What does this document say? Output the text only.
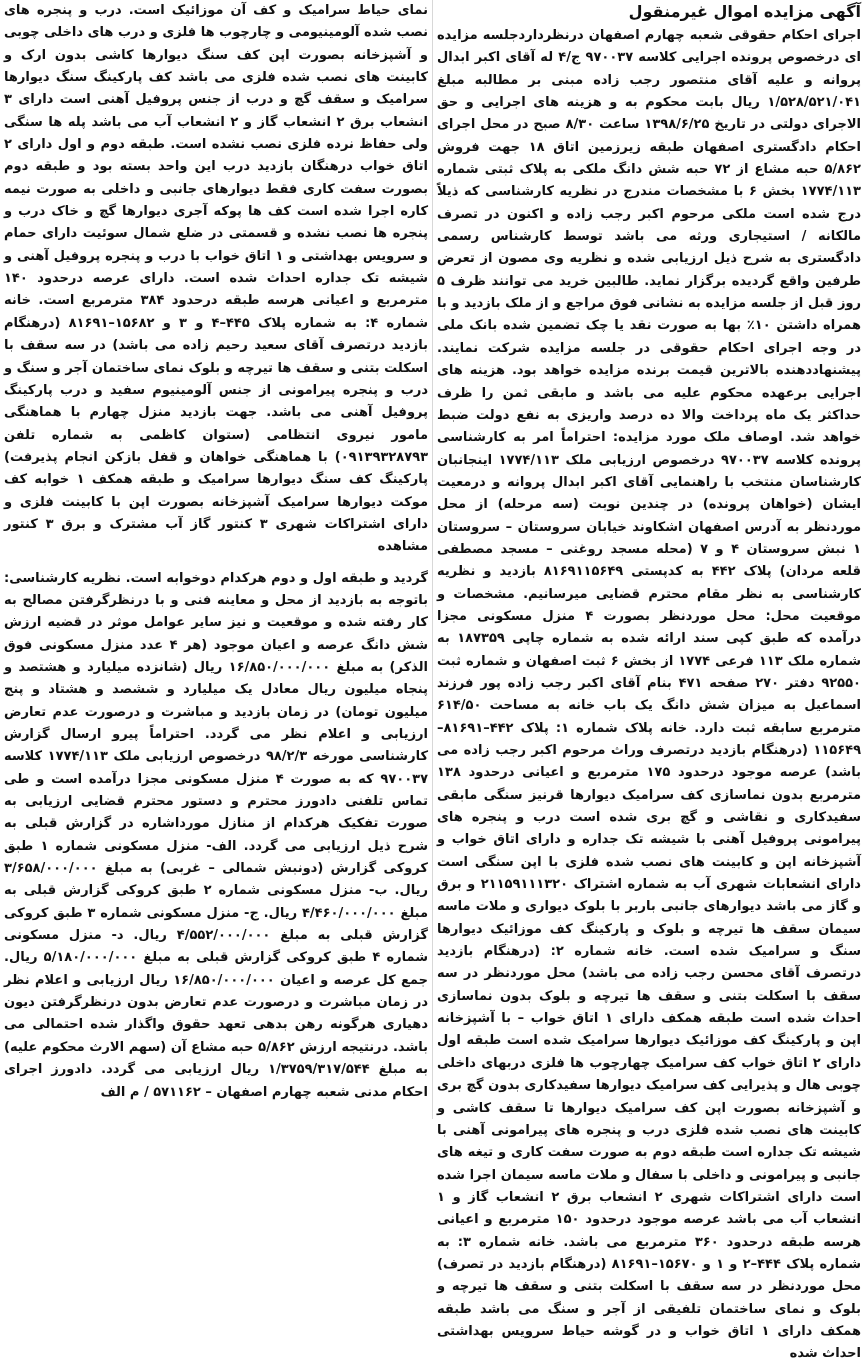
آگهی مزایده اموال غیرمنقول

اجرای احکام حقوقی شعبه چهارم اصفهان درنظرداردجلسه مزایده ای درخصوص پرونده اجرایی کلاسه ۹۷۰۰۳۷ ج/۴ له آقای اکبر ابدال پروانه و علیه آقای منتصور رجب زاده مبنی بر مطالبه مبلغ ۱/۵۲۸/۵۲۱/۰۴۱ ریال بابت محکوم به و هزینه های اجرایی و حق الاجرای دولتی در تاریخ ۱۳۹۸/۶/۲۵ ساعت ۸/۳۰ صبح در محل اجرای احکام دادگستری اصفهان طبقه زیرزمین اتاق ۱۸ جهت فروش ۵/۸۶۲ حبه مشاع از ۷۲ حبه شش دانگ ملکی به پلاک ثبتی شماره ۱۷۷۴/۱۱۳ بخش ۶ با مشخصات مندرج در نظریه کارشناسی که ذیلاً درج شده است ملکی مرحوم اکبر رجب زاده و اکنون در تصرف مالکانه / استیجاری ورثه می باشد توسط کارشناس رسمی دادگستری به شرح ذیل ارزیابی شده و نظریه وی مصون از تعرض طرفین واقع گردیده برگزار نماید. طالبین خرید می توانند ظرف ۵ روز قبل از جلسه مزایده به نشانی فوق مراجع و از ملک بازدید و با همراه داشتن ۱۰٪ بها به صورت نقد یا چک تضمین شده بانک ملی در وجه اجرای احکام حقوقی در جلسه مزایده شرکت نمایند. پیشنهاددهنده بالاترین قیمت برنده مزایده خواهد بود. هزینه های اجرایی برعهده محکوم علیه می باشد و مابقی ثمن را ظرف حداکثر یک ماه پرداخت والا ده درصد واریزی به نفع دولت ضبط خواهد شد. اوصاف ملک مورد مزایده: احتراماً امر به کارشناسی پرونده کلاسه ۹۷۰۰۳۷ درخصوص ارزیابی ملک ۱۷۷۴/۱۱۳ اینجانبان کارشناسان منتخب با راهنمایی آقای اکبر ابدال پروانه و درمعیت ایشان (خواهان پرونده) در چندین نوبت (سه مرحله) از محل موردنظر به آدرس اصفهان اشکاوند خیابان سروستان – سروستان ۱ نبش سروستان ۴ و ۷ (محله مسجد روغنی – مسجد مصطفی قلعه مردان) پلاک ۴۴۲ به کدپستی ۸۱۶۹۱۱۵۶۴۹ بازدید و نظریه کارشناسی به نظر مقام محترم قضایی میرسانیم. مشخصات و موقعیت محل: محل موردنظر بصورت ۴ منزل مسکونی مجزا درآمده که طبق کپی سند ارائه شده به شماره چاپی ۱۸۷۳۵۹ به شماره ملک ۱۱۳ فرعی ۱۷۷۴ از بخش ۶ ثبت اصفهان و شماره ثبت ۹۲۵۵۰ دفتر ۲۷۰ صفحه ۴۷۱ بنام آقای اکبر رجب زاده پور فرزند اسماعیل به میزان شش دانگ یک باب خانه به مساحت ۶۱۴/۵۰ مترمربع سابقه ثبت دارد. خانه پلاک شماره ۱: پلاک ۴۴۲–۸۱۶۹۱–۱۱۵۶۴۹ (درهنگام بازدید درتصرف وراث مرحوم اکبر رجب زاده می باشد) عرصه موجود درحدود ۱۷۵ مترمربع و اعیانی درحدود ۱۳۸ مترمربع بدون نماسازی کف سرامیک دیوارها قرنیز سنگی مابقی سفیدکاری و نقاشی و گچ بری شده است درب و پنجره های پیرامونی پروفیل آهنی با شیشه تک جداره و دارای اتاق خواب و آشپزخانه اپن و کابینت های نصب شده فلزی با اپن سنگی است دارای انشعابات شهری آب به شماره اشتراک ۲۱۱۵۹۱۱۱۳۲۰ و برق و گاز می باشد دیوارهای جانبی باربر با بلوک دیواری و ملات ماسه سیمان سقف ها تیرچه و بلوک و پارکینگ کف موزائیک دیوارها سنگ و سرامیک شده است. خانه شماره ۲: (درهنگام بازدید درتصرف آقای محسن رجب زاده می باشد) محل موردنظر در سه سقف با اسکلت بتنی و سقف ها تیرچه و بلوک بدون نماسازی احداث شده است طبقه همکف دارای ۱ اتاق خواب – با آشپزخانه اپن و پارکینگ کف موزائیک دیوارها سرامیک شده است طبقه اول دارای ۲ اتاق خواب کف سرامیک چهارچوب ها فلزی دربهای داخلی چوبی هال و پذیرایی کف سرامیک دیوارها سفیدکاری بدون گچ بری و آشپزخانه بصورت اپن کف سرامیک دیوارها تا سقف کاشی و کابینت های نصب شده فلزی درب و پنجره های پیرامونی آهنی با شیشه تک جداره است طبقه دوم به صورت سفت کاری و تیغه های جانبی و پیرامونی و داخلی با سفال و ملات ماسه سیمان اجرا شده است دارای اشتراکات شهری ۲ انشعاب برق ۲ انشعاب گاز و ۱ انشعاب آب می باشد عرصه موجود درحدود ۱۵۰ مترمربع و اعیانی هرسه طبقه درحدود ۳۶۰ مترمربع می باشد. خانه شماره ۳: به شماره پلاک ۴۴۴–۲ و ۱ و ۱۵۶۷۰–۸۱۶۹۱ (درهنگام بازدید در تصرف) محل موردنظر در سه سقف با اسکلت بتنی و سقف ها تیرچه و بلوک و نمای ساختمان تلفیقی از آجر و سنگ می باشد طبقه همکف دارای ۱ اتاق خواب و در گوشه حیاط سرویس بهداشتی احداث شده

نمای حیاط سرامیک و کف آن موزائیک است. درب و پنجره های نصب شده آلومینیومی و چارچوب ها فلزی و درب های داخلی چوبی و آشپزخانه بصورت اپن کف سنگ دیوارها کاشی بدون ارک و کابینت های نصب شده فلزی می باشد کف پارکینگ سنگ دیوارها سرامیک و سقف گچ و درب از جنس پروفیل آهنی است دارای ۳ انشعاب برق ۲ انشعاب گاز و ۲ انشعاب آب می باشد پله ها سنگی ولی حفاظ نرده فلزی نصب نشده است. طبقه دوم و اول دارای ۲ اتاق خواب درهنگان بازدید درب این واحد بسته بود و طبقه دوم بصورت سفت کاری فقط دیوارهای جانبی و داخلی به صورت نیمه کاره اجرا شده است کف ها پوکه آجری دیوارها گچ و خاک درب و پنجره ها نصب نشده و قسمتی در ضلع شمال سوئیت دارای حمام و سرویس بهداشتی و ۱ اتاق خواب با درب و پنجره پروفیل آهنی و شیشه تک جداره احداث شده است. دارای عرصه درحدود ۱۴۰ مترمربع و اعیانی هرسه طبقه درحدود ۳۸۴ مترمربع است. خانه شماره ۴: به شماره پلاک ۴۴۵–۴ و ۳ و ۱۵۶۸۲–۸۱۶۹۱ (درهنگام بازدید درتصرف آقای سعید رحیم زاده می باشد) در سه سقف با اسکلت بتنی و سقف ها تیرچه و بلوک نمای ساختمان آجر و سنگ و درب و پنجره پیرامونی از جنس آلومینیوم سفید و درب پارکینگ پروفیل آهنی می باشد. جهت بازدید منزل چهارم با هماهنگی مامور نیروی انتظامی (ستوان کاظمی به شماره تلفن ۰۹۱۳۹۳۲۸۷۹۳) با هماهنگی خواهان و قفل بازکن انجام پذیرفت) پارکینگ کف سنگ دیوارها سرامیک و طبقه همکف ۱ خوابه کف موکت دیوارها سرامیک آشپزخانه بصورت اپن با کابینت فلزی و دارای اشتراکات شهری ۳ کنتور گاز آب مشترک و برق ۳ کنتور مشاهده

گردید و طبقه اول و دوم هرکدام دوخوابه است. نظریه کارشناسی: باتوجه به بازدید از محل و معاینه فنی و با درنظرگرفتن مصالح به کار رفته شده و موقعیت و نیز سایر عوامل موثر در قضیه ارزش شش دانگ عرصه و اعیان موجود (هر ۴ عدد منزل مسکونی فوق الذکر) به مبلغ ۱۶/۸۵۰/۰۰۰/۰۰۰ ریال (شانزده میلیارد و هشتصد و پنجاه میلیون ریال معادل یک میلیارد و ششصد و هشتاد و پنج میلیون تومان) در زمان بازدید و مباشرت و درصورت عدم تعارض ارزیابی و اعلام نظر می گردد. احتراماً پیرو ارسال گزارش کارشناسی مورخه ۹۸/۲/۳ درخصوص ارزیابی ملک ۱۷۷۴/۱۱۳ کلاسه ۹۷۰۰۳۷ که به صورت ۴ منزل مسکونی مجزا درآمده است و طی تماس تلفنی دادورز محترم و دستور محترم قضایی ارزیابی به صورت تفکیک هرکدام از منازل مورداشاره در گزارش قبلی به شرح ذیل ارزیابی می گردد. الف- منزل مسکونی شماره ۱ طبق کروکی گزارش (دونبش شمالی – غربی) به مبلغ ۳/۶۵۸/۰۰۰/۰۰۰ ریال. ب- منزل مسکونی شماره ۲ طبق کروکی گزارش قبلی به مبلغ ۴/۴۶۰/۰۰۰/۰۰۰ ریال. ج- منزل مسکونی شماره ۳ طبق کروکی گزارش قبلی به مبلغ ۴/۵۵۲/۰۰۰/۰۰۰ ریال. د- منزل مسکونی شماره ۴ طبق کروکی گزارش قبلی به مبلغ ۵/۱۸۰/۰۰۰/۰۰۰ ریال. جمع کل عرصه و اعیان ۱۶/۸۵۰/۰۰۰/۰۰۰ ریال ارزیابی و اعلام نظر در زمان مباشرت و درصورت عدم تعارض بدون درنظرگرفتن دیون دهیاری هرگونه رهن بدهی تعهد حقوق واگذار شده احتمالی می باشد. درنتیجه ارزش ۵/۸۶۲ حبه مشاع آن (سهم الارث محکوم علیه) به مبلغ ۱/۳۷۵۹/۳۱۷/۵۴۴ ریال ارزیابی می گردد. دادورز اجرای احکام مدنی شعبه چهارم اصفهان – ۵۷۱۱۶۲ / م الف
